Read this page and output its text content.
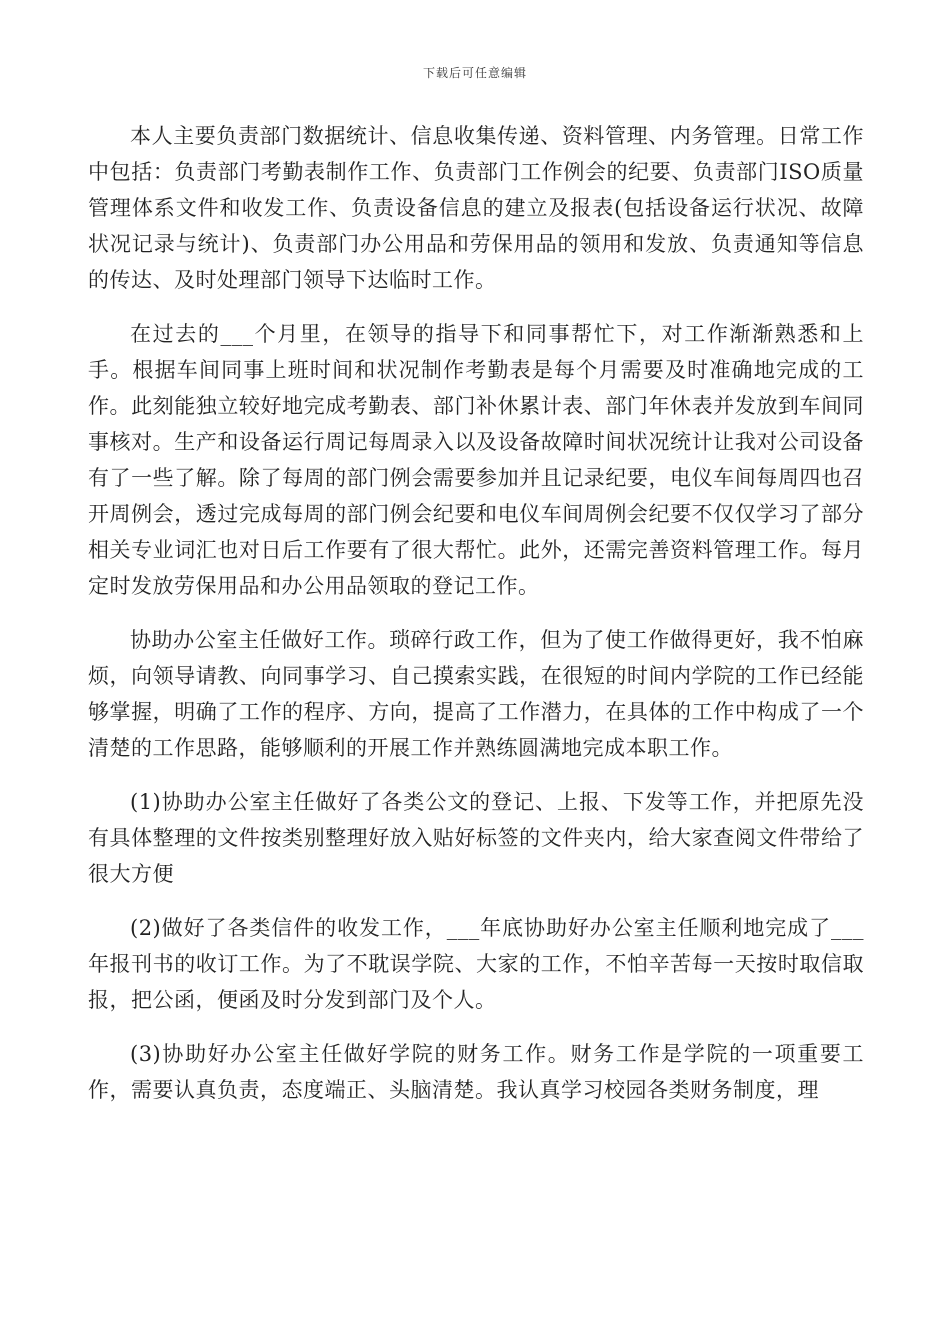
下载后可任意编辑

本人主要负责部门数据统计、信息收集传递、资料管理、内务管理。日常工作中包括：负责部门考勤表制作工作、负责部门工作例会的纪要、负责部门ISO质量管理体系文件和收发工作、负责设备信息的建立及报表(包括设备运行状况、故障状况记录与统计)、负责部门办公用品和劳保用品的领用和发放、负责通知等信息的传达、及时处理部门领导下达临时工作。

在过去的___个月里，在领导的指导下和同事帮忙下，对工作渐渐熟悉和上手。根据车间同事上班时间和状况制作考勤表是每个月需要及时准确地完成的工作。此刻能独立较好地完成考勤表、部门补休累计表、部门年休表并发放到车间同事核对。生产和设备运行周记每周录入以及设备故障时间状况统计让我对公司设备有了一些了解。除了每周的部门例会需要参加并且记录纪要，电仪车间每周四也召开周例会，透过完成每周的部门例会纪要和电仪车间周例会纪要不仅仅学习了部分相关专业词汇也对日后工作要有了很大帮忙。此外，还需完善资料管理工作。每月定时发放劳保用品和办公用品领取的登记工作。

协助办公室主任做好工作。琐碎行政工作，但为了使工作做得更好，我不怕麻烦，向领导请教、向同事学习、自己摸索实践，在很短的时间内学院的工作已经能够掌握，明确了工作的程序、方向，提高了工作潜力，在具体的工作中构成了一个清楚的工作思路，能够顺利的开展工作并熟练圆满地完成本职工作。

(1)协助办公室主任做好了各类公文的登记、上报、下发等工作，并把原先没有具体整理的文件按类别整理好放入贴好标签的文件夹内，给大家查阅文件带给了很大方便

(2)做好了各类信件的收发工作，___年底协助好办公室主任顺利地完成了___年报刊书的收订工作。为了不耽误学院、大家的工作，不怕辛苦每一天按时取信取报，把公函，便函及时分发到部门及个人。

(3)协助好办公室主任做好学院的财务工作。财务工作是学院的一项重要工作，需要认真负责，态度端正、头脑清楚。我认真学习校园各类财务制度，理
